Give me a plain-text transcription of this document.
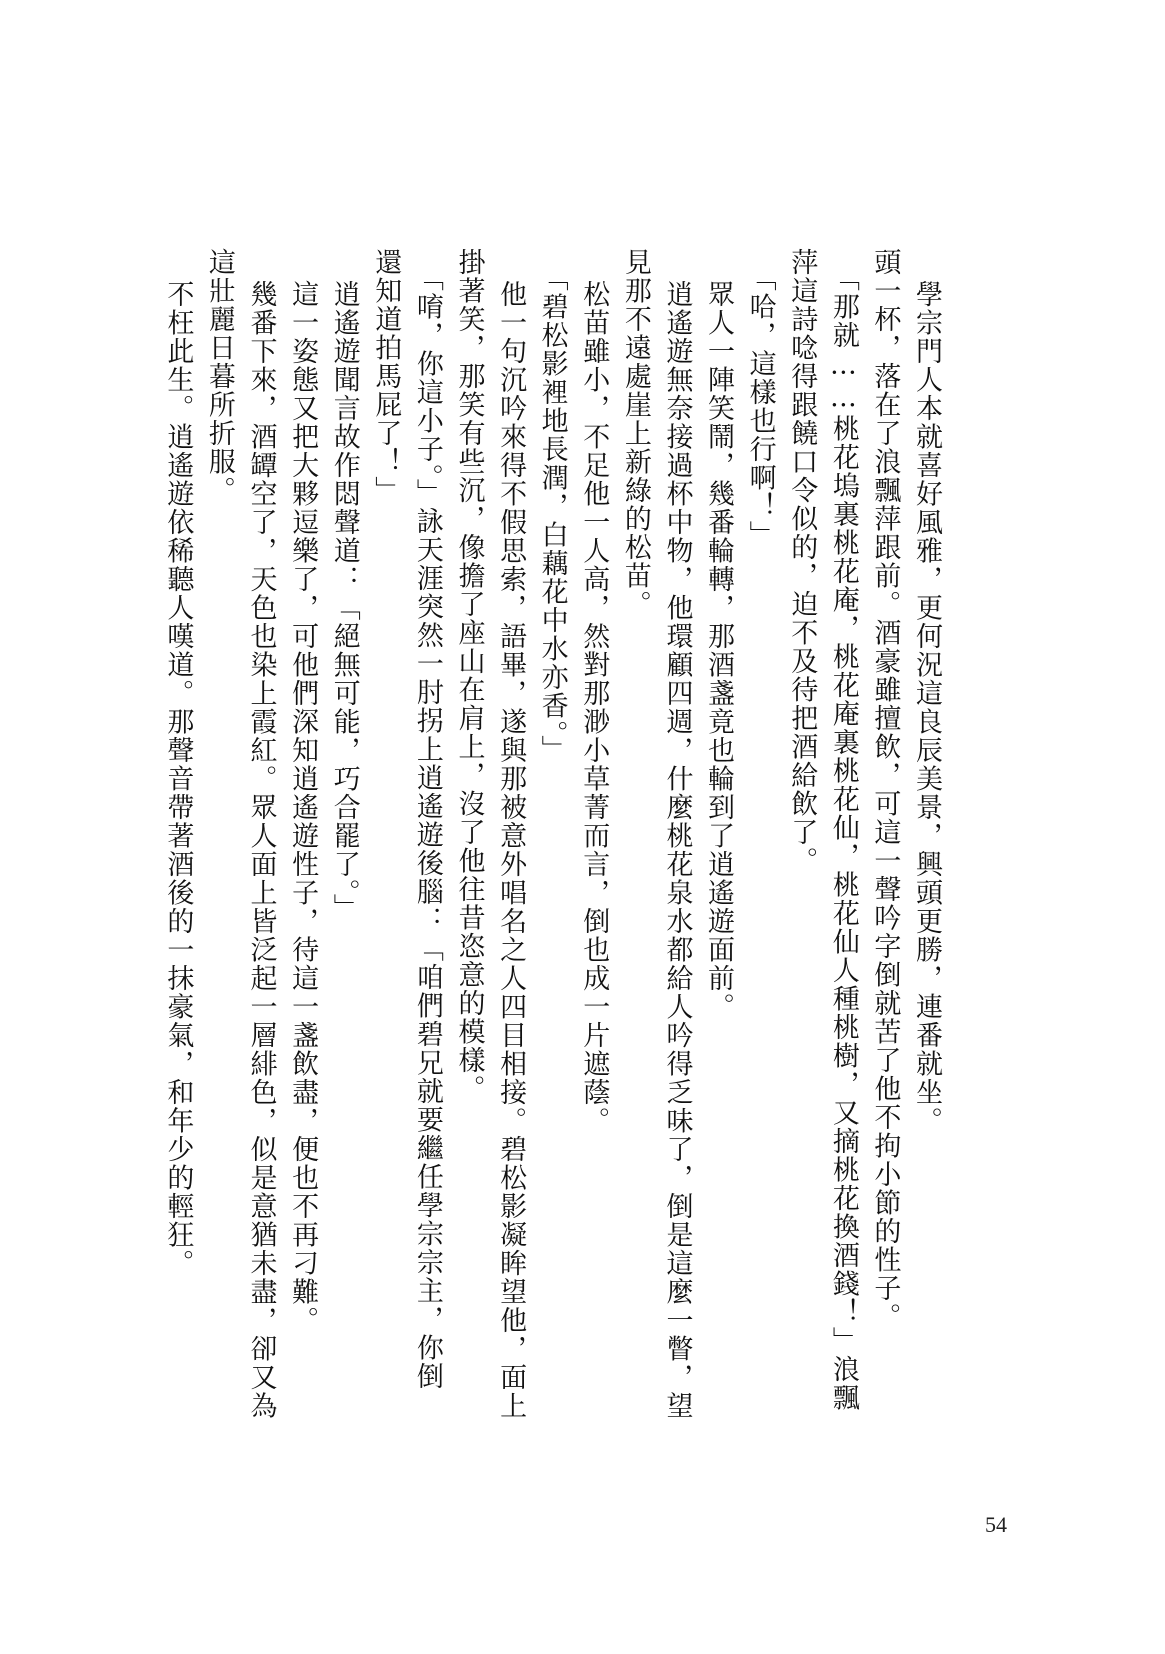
學宗門人本就喜好風雅，更何況這良辰美景，興頭更勝，連番就坐。

頭一杯，落在了浪飄萍跟前。酒豪雖擅飲，可這一聲吟字倒就苦了他不拘小節的性子。

「那就……桃花塢裏桃花庵，桃花庵裏桃花仙，桃花仙人種桃樹，又摘桃花換酒錢！」浪飄

萍這詩唸得跟饒口令似的，迫不及待把酒給飲了。

「哈，這樣也行啊！」

眾人一陣笑鬧，幾番輪轉，那酒盞竟也輪到了逍遙遊面前。

逍遙遊無奈接過杯中物，他環顧四週，什麼桃花泉水都給人吟得乏味了，倒是這麼一瞥，望

見那不遠處崖上新綠的松苗。

松苗雖小，不足他一人高，然對那渺小草菁而言，倒也成一片遮蔭。

「碧松影裡地長潤，白藕花中水亦香。」

他一句沉吟來得不假思索，語畢，遂與那被意外唱名之人四目相接。碧松影凝眸望他，面上

掛著笑，那笑有些沉，像擔了座山在肩上，沒了他往昔恣意的模樣。

「唷，你這小子。」詠天涯突然一肘拐上逍遙遊後腦：「咱們碧兄就要繼任學宗宗主，你倒

還知道拍馬屁了！」

逍遙遊聞言故作悶聲道：「絕無可能，巧合罷了。」

這一姿態又把大夥逗樂了，可他們深知逍遙遊性子，待這一盞飲盡，便也不再刁難。

幾番下來，酒罈空了，天色也染上霞紅。眾人面上皆泛起一層緋色，似是意猶未盡，卻又為

這壯麗日暮所折服。

不枉此生。逍遙遊依稀聽人嘆道。那聲音帶著酒後的一抹豪氣，和年少的輕狂。

54
